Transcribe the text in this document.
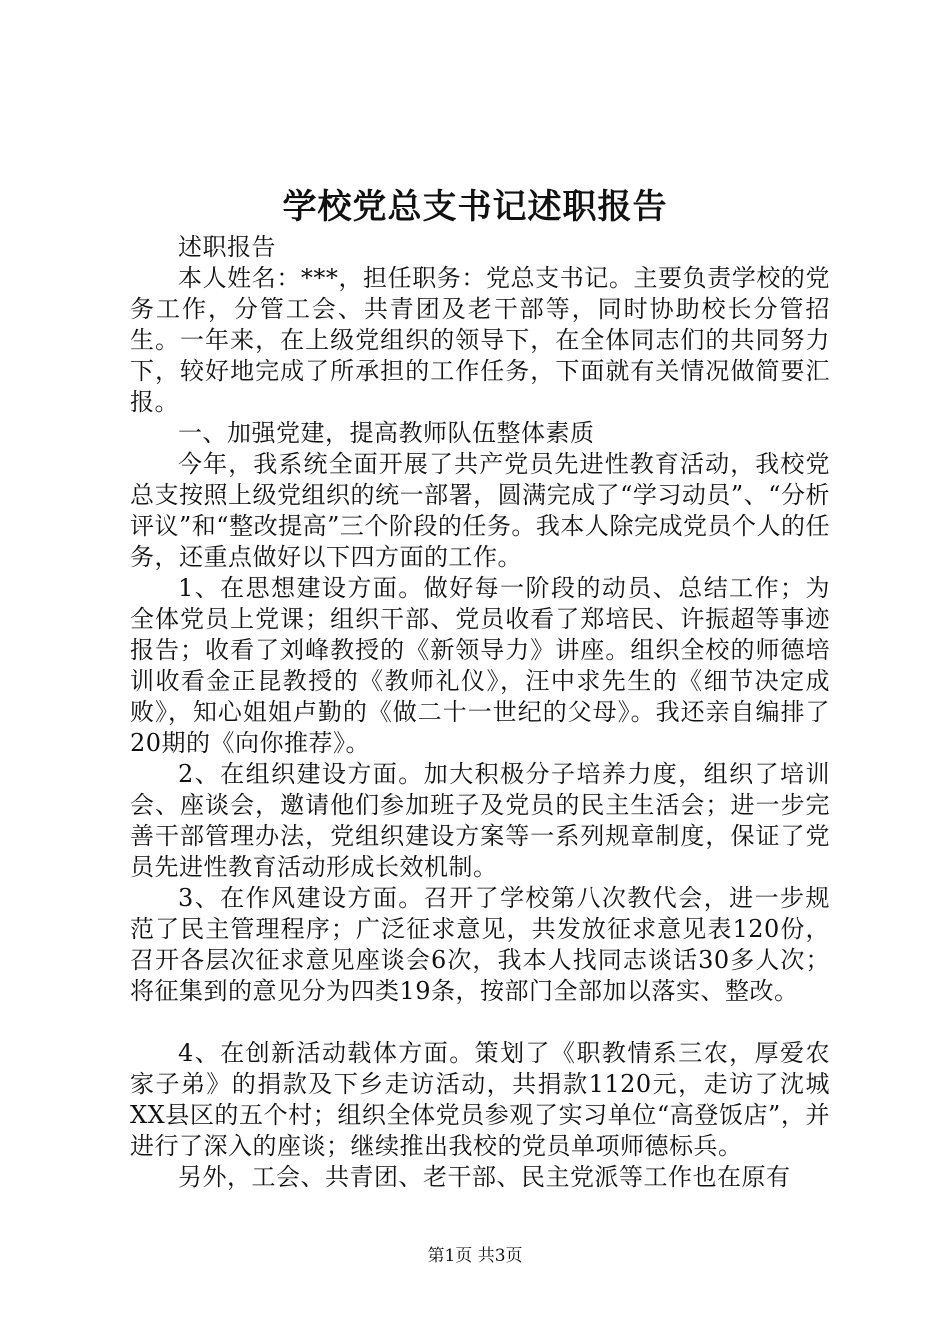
学校党总支书记述职报告

述职报告

本人姓名：***，担任职务：党总支书记。主要负责学校的党务工作，分管工会、共青团及老干部等，同时协助校长分管招生。一年来，在上级党组织的领导下，在全体同志们的共同努力下，较好地完成了所承担的工作任务，下面就有关情况做简要汇报。

一、加强党建，提高教师队伍整体素质

今年，我系统全面开展了共产党员先进性教育活动，我校党总支按照上级党组织的统一部署，圆满完成了“学习动员”、“分析评议”和“整改提高”三个阶段的任务。我本人除完成党员个人的任务，还重点做好以下四方面的工作。

1、在思想建设方面。做好每一阶段的动员、总结工作；为全体党员上党课；组织干部、党员收看了郑培民、许振超等事迹报告；收看了刘峰教授的《新领导力》讲座。组织全校的师德培训收看金正昆教授的《教师礼仪》，汪中求先生的《细节决定成败》，知心姐姐卢勤的《做二十一世纪的父母》。我还亲自编排了20期的《向你推荐》。

2、在组织建设方面。加大积极分子培养力度，组织了培训会、座谈会，邀请他们参加班子及党员的民主生活会；进一步完善干部管理办法，党组织建设方案等一系列规章制度，保证了党员先进性教育活动形成长效机制。

3、在作风建设方面。召开了学校第八次教代会，进一步规范了民主管理程序；广泛征求意见，共发放征求意见表120份，召开各层次征求意见座谈会6次，我本人找同志谈话30多人次；将征集到的意见分为四类19条，按部门全部加以落实、整改。

4、在创新活动载体方面。策划了《职教情系三农，厚爱农家子弟》的捐款及下乡走访活动，共捐款1120元，走访了沈城XX县区的五个村；组织全体党员参观了实习单位“高登饭店”，并进行了深入的座谈；继续推出我校的党员单项师德标兵。

另外，工会、共青团、老干部、民主党派等工作也在原有

第1页 共3页
